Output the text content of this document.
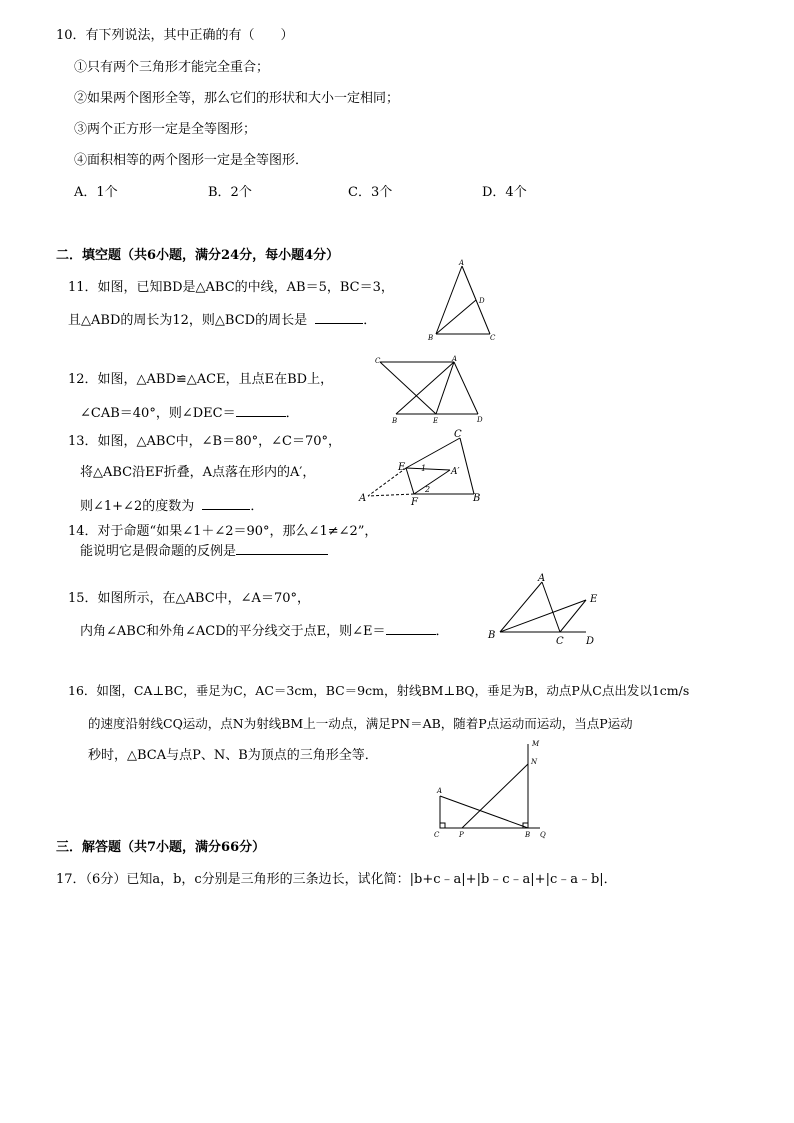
10．有下列说法，其中正确的有（　　）
①只有两个三角形才能完全重合；
②如果两个图形全等，那么它们的形状和大小一定相同；
③两个正方形一定是全等图形；
④面积相等的两个图形一定是全等图形．
A．1个	B．2个	C．3个	D．4个
二．填空题（共6小题，满分24分，每小题4分）
11．如图，已知BD是△ABC的中线，AB＝5，BC＝3，
且△ABD的周长为12，则△BCD的周长是	．
A
D
B	C
12．如图，△ABD≌△ACE，且点E在BD上，
∠CAB＝40°，则∠DEC＝	．
C	A
B	E	D
13．如图，△ABC中，∠B＝80°，∠C＝70°，
将△ABC沿EF折叠，A点落在形内的A′，
则∠1+∠2的度数为	．
C
E	A′
1
2
A	F	B
14．对于命题“如果∠1＋∠2＝90°，那么∠1≠∠2”，
能说明它是假命题的反例是
15．如图所示，在△ABC中，∠A＝70°，
内角∠ABC和外角∠ACD的平分线交于点E，则∠E＝	．
A
E
B
C D
16．如图，CA⊥BC，垂足为C，AC＝3cm，BC＝9cm，射线BM⊥BQ，垂足为B，动点P从C点出发以1cm/s
的速度沿射线CQ运动，点N为射线BM上一动点，满足PN＝AB，随着P点运动而运动，当点P运动
秒时，△BCA与点P、N、B为顶点的三角形全等．
M
N
A
C	P	B Q
三．解答题（共7小题，满分66分）
17．（6分）已知a，b，c分别是三角形的三条边长，试化简：|b+c﹣a|+|b﹣c﹣a|+|c﹣a﹣b|．
